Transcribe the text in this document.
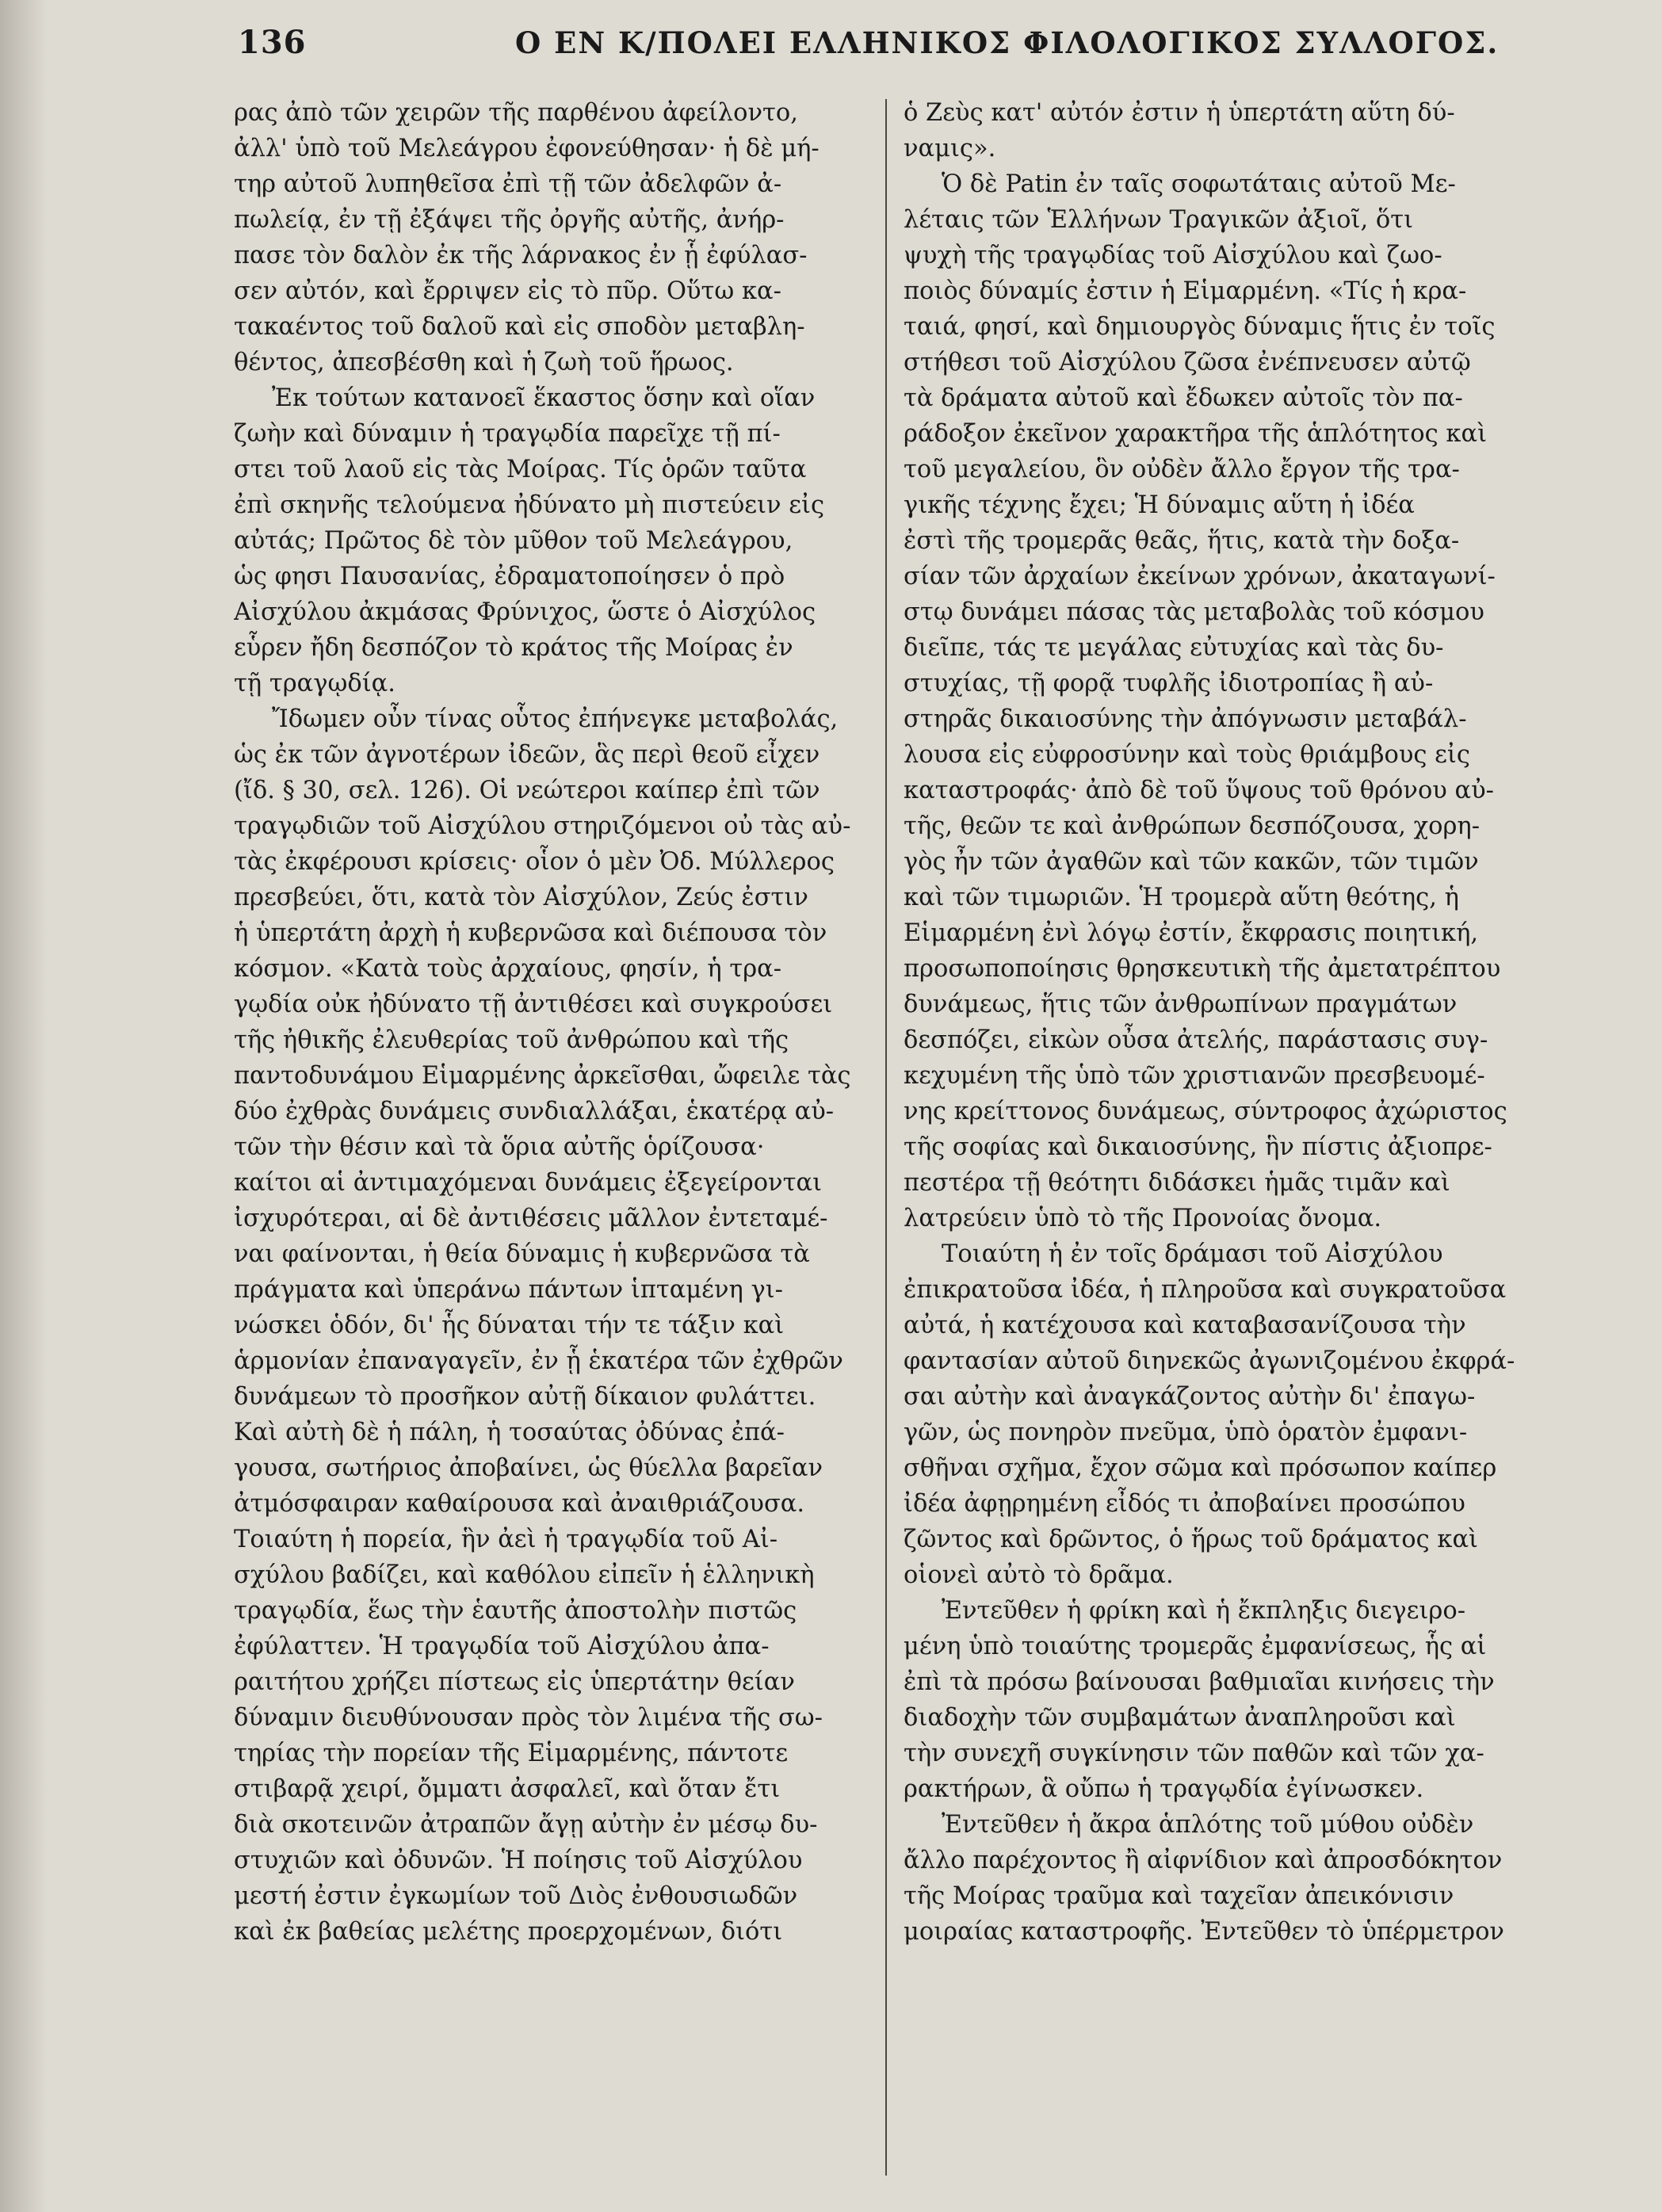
136	Ο ΕΝ Κ/ΠΟΛΕΙ ΕΛΛΗΝΙΚΟΣ ΦΙΛΟΛΟΓΙΚΟΣ ΣΥΛΛΟΓΟΣ.
ρας ἀπὸ τῶν χειρῶν τῆς παρθένου ἀφείλοντο,
ἀλλ' ὑπὸ τοῦ Μελεάγρου ἐφονεύθησαν· ἡ δὲ μή-
τηρ αὐτοῦ λυπηθεῖσα ἐπὶ τῇ τῶν ἀδελφῶν ἀ-
πωλείᾳ, ἐν τῇ ἐξάψει τῆς ὀργῆς αὐτῆς, ἀνήρ-
πασε τὸν δαλὸν ἐκ τῆς λάρνακος ἐν ᾗ ἐφύλασ-
σεν αὐτόν, καὶ ἔρριψεν εἰς τὸ πῦρ. Οὕτω κα-
τακαέντος τοῦ δαλοῦ καὶ εἰς σποδὸν μεταβλη-
θέντος, ἀπεσβέσθη καὶ ἡ ζωὴ τοῦ ἥρωος.
Ἐκ τούτων κατανοεῖ ἕκαστος ὅσην καὶ οἵαν
ζωὴν καὶ δύναμιν ἡ τραγῳδία παρεῖχε τῇ πί-
στει τοῦ λαοῦ εἰς τὰς Μοίρας. Τίς ὁρῶν ταῦτα
ἐπὶ σκηνῆς τελούμενα ἠδύνατο μὴ πιστεύειν εἰς
αὐτάς; Πρῶτος δὲ τὸν μῦθον τοῦ Μελεάγρου,
ὡς φησι Παυσανίας, ἐδραματοποίησεν ὁ πρὸ
Αἰσχύλου ἀκμάσας Φρύνιχος, ὥστε ὁ Αἰσχύλος
εὗρεν ἤδη δεσπόζον τὸ κράτος τῆς Μοίρας ἐν
τῇ τραγῳδίᾳ.
Ἴδωμεν οὖν τίνας οὗτος ἐπήνεγκε μεταβολάς,
ὡς ἐκ τῶν ἀγνοτέρων ἰδεῶν, ἃς περὶ θεοῦ εἶχεν
(ἴδ. § 30, σελ. 126). Οἱ νεώτεροι καίπερ ἐπὶ τῶν
τραγῳδιῶν τοῦ Αἰσχύλου στηριζόμενοι οὐ τὰς αὐ-
τὰς ἐκφέρουσι κρίσεις· οἷον ὁ μὲν Ὀδ. Μύλλερος
πρεσβεύει, ὅτι, κατὰ τὸν Αἰσχύλον, Ζεύς ἐστιν
ἡ ὑπερτάτη ἀρχὴ ἡ κυβερνῶσα καὶ διέπουσα τὸν
κόσμον. «Κατὰ τοὺς ἀρχαίους, φησίν, ἡ τρα-
γῳδία οὐκ ἠδύνατο τῇ ἀντιθέσει καὶ συγκρούσει
τῆς ἠθικῆς ἐλευθερίας τοῦ ἀνθρώπου καὶ τῆς
παντοδυνάμου Εἱμαρμένης ἀρκεῖσθαι, ὤφειλε τὰς
δύο ἐχθρὰς δυνάμεις συνδιαλλάξαι, ἑκατέρᾳ αὐ-
τῶν τὴν θέσιν καὶ τὰ ὅρια αὐτῆς ὁρίζουσα·
καίτοι αἱ ἀντιμαχόμεναι δυνάμεις ἐξεγείρονται
ἰσχυρότεραι, αἱ δὲ ἀντιθέσεις μᾶλλον ἐντεταμέ-
ναι φαίνονται, ἡ θεία δύναμις ἡ κυβερνῶσα τὰ
πράγματα καὶ ὑπεράνω πάντων ἱπταμένη γι-
νώσκει ὁδόν, δι' ἧς δύναται τήν τε τάξιν καὶ
ἁρμονίαν ἐπαναγαγεῖν, ἐν ᾗ ἑκατέρα τῶν ἐχθρῶν
δυνάμεων τὸ προσῆκον αὐτῇ δίκαιον φυλάττει.
Καὶ αὐτὴ δὲ ἡ πάλη, ἡ τοσαύτας ὀδύνας ἐπά-
γουσα, σωτήριος ἀποβαίνει, ὡς θύελλα βαρεῖαν
ἀτμόσφαιραν καθαίρουσα καὶ ἀναιθριάζουσα.
Τοιαύτη ἡ πορεία, ἣν ἀεὶ ἡ τραγῳδία τοῦ Αἰ-
σχύλου βαδίζει, καὶ καθόλου εἰπεῖν ἡ ἑλληνικὴ
τραγῳδία, ἕως τὴν ἑαυτῆς ἀποστολὴν πιστῶς
ἐφύλαττεν. Ἡ τραγῳδία τοῦ Αἰσχύλου ἀπα-
ραιτήτου χρήζει πίστεως εἰς ὑπερτάτην θείαν
δύναμιν διευθύνουσαν πρὸς τὸν λιμένα τῆς σω-
τηρίας τὴν πορείαν τῆς Εἱμαρμένης, πάντοτε
στιβαρᾷ χειρί, ὄμματι ἀσφαλεῖ, καὶ ὅταν ἔτι
διὰ σκοτεινῶν ἀτραπῶν ἄγῃ αὐτὴν ἐν μέσῳ δυ-
στυχιῶν καὶ ὀδυνῶν. Ἡ ποίησις τοῦ Αἰσχύλου
μεστή ἐστιν ἐγκωμίων τοῦ Διὸς ἐνθουσιωδῶν
καὶ ἐκ βαθείας μελέτης προερχομένων, διότι
ὁ Ζεὺς κατ' αὐτόν ἐστιν ἡ ὑπερτάτη αὕτη δύ-
ναμις».
Ὁ δὲ Patin ἐν ταῖς σοφωτάταις αὐτοῦ Με-
λέταις τῶν Ἑλλήνων Τραγικῶν ἀξιοῖ, ὅτι
ψυχὴ τῆς τραγῳδίας τοῦ Αἰσχύλου καὶ ζωο-
ποιὸς δύναμίς ἐστιν ἡ Εἱμαρμένη. «Τίς ἡ κρα-
ταιά, φησί, καὶ δημιουργὸς δύναμις ἥτις ἐν τοῖς
στήθεσι τοῦ Αἰσχύλου ζῶσα ἐνέπνευσεν αὐτῷ
τὰ δράματα αὐτοῦ καὶ ἔδωκεν αὐτοῖς τὸν πα-
ράδοξον ἐκεῖνον χαρακτῆρα τῆς ἁπλότητος καὶ
τοῦ μεγαλείου, ὃν οὐδὲν ἄλλο ἔργον τῆς τρα-
γικῆς τέχνης ἔχει; Ἡ δύναμις αὕτη ἡ ἰδέα
ἐστὶ τῆς τρομερᾶς θεᾶς, ἥτις, κατὰ τὴν δοξα-
σίαν τῶν ἀρχαίων ἐκείνων χρόνων, ἀκαταγωνί-
στῳ δυνάμει πάσας τὰς μεταβολὰς τοῦ κόσμου
διεῖπε, τάς τε μεγάλας εὐτυχίας καὶ τὰς δυ-
στυχίας, τῇ φορᾷ τυφλῆς ἰδιοτροπίας ἢ αὐ-
στηρᾶς δικαιοσύνης τὴν ἀπόγνωσιν μεταβάλ-
λουσα εἰς εὐφροσύνην καὶ τοὺς θριάμβους εἰς
καταστροφάς· ἀπὸ δὲ τοῦ ὕψους τοῦ θρόνου αὐ-
τῆς, θεῶν τε καὶ ἀνθρώπων δεσπόζουσα, χορη-
γὸς ἦν τῶν ἀγαθῶν καὶ τῶν κακῶν, τῶν τιμῶν
καὶ τῶν τιμωριῶν. Ἡ τρομερὰ αὕτη θεότης, ἡ
Εἱμαρμένη ἐνὶ λόγῳ ἐστίν, ἔκφρασις ποιητική,
προσωποποίησις θρησκευτικὴ τῆς ἀμετατρέπτου
δυνάμεως, ἥτις τῶν ἀνθρωπίνων πραγμάτων
δεσπόζει, εἰκὼν οὖσα ἀτελής, παράστασις συγ-
κεχυμένη τῆς ὑπὸ τῶν χριστιανῶν πρεσβευομέ-
νης κρείττονος δυνάμεως, σύντροφος ἀχώριστος
τῆς σοφίας καὶ δικαιοσύνης, ἣν πίστις ἀξιοπρε-
πεστέρα τῇ θεότητι διδάσκει ἡμᾶς τιμᾶν καὶ
λατρεύειν ὑπὸ τὸ τῆς Προνοίας ὄνομα.
Τοιαύτη ἡ ἐν τοῖς δράμασι τοῦ Αἰσχύλου
ἐπικρατοῦσα ἰδέα, ἡ πληροῦσα καὶ συγκρατοῦσα
αὐτά, ἡ κατέχουσα καὶ καταβασανίζουσα τὴν
φαντασίαν αὐτοῦ διηνεκῶς ἀγωνιζομένου ἐκφρά-
σαι αὐτὴν καὶ ἀναγκάζοντος αὐτὴν δι' ἐπαγω-
γῶν, ὡς πονηρὸν πνεῦμα, ὑπὸ ὁρατὸν ἐμφανι-
σθῆναι σχῆμα, ἔχον σῶμα καὶ πρόσωπον καίπερ
ἰδέα ἀφῃρημένη εἶδός τι ἀποβαίνει προσώπου
ζῶντος καὶ δρῶντος, ὁ ἥρως τοῦ δράματος καὶ
οἱονεὶ αὐτὸ τὸ δρᾶμα.
Ἐντεῦθεν ἡ φρίκη καὶ ἡ ἔκπληξις διεγειρο-
μένη ὑπὸ τοιαύτης τρομερᾶς ἐμφανίσεως, ἧς αἱ
ἐπὶ τὰ πρόσω βαίνουσαι βαθμιαῖαι κινήσεις τὴν
διαδοχὴν τῶν συμβαμάτων ἀναπληροῦσι καὶ
τὴν συνεχῆ συγκίνησιν τῶν παθῶν καὶ τῶν χα-
ρακτήρων, ἃ οὔπω ἡ τραγῳδία ἐγίνωσκεν.
Ἐντεῦθεν ἡ ἄκρα ἁπλότης τοῦ μύθου οὐδὲν
ἄλλο παρέχοντος ἢ αἰφνίδιον καὶ ἀπροσδόκητον
τῆς Μοίρας τραῦμα καὶ ταχεῖαν ἀπεικόνισιν
μοιραίας καταστροφῆς. Ἐντεῦθεν τὸ ὑπέρμετρον
